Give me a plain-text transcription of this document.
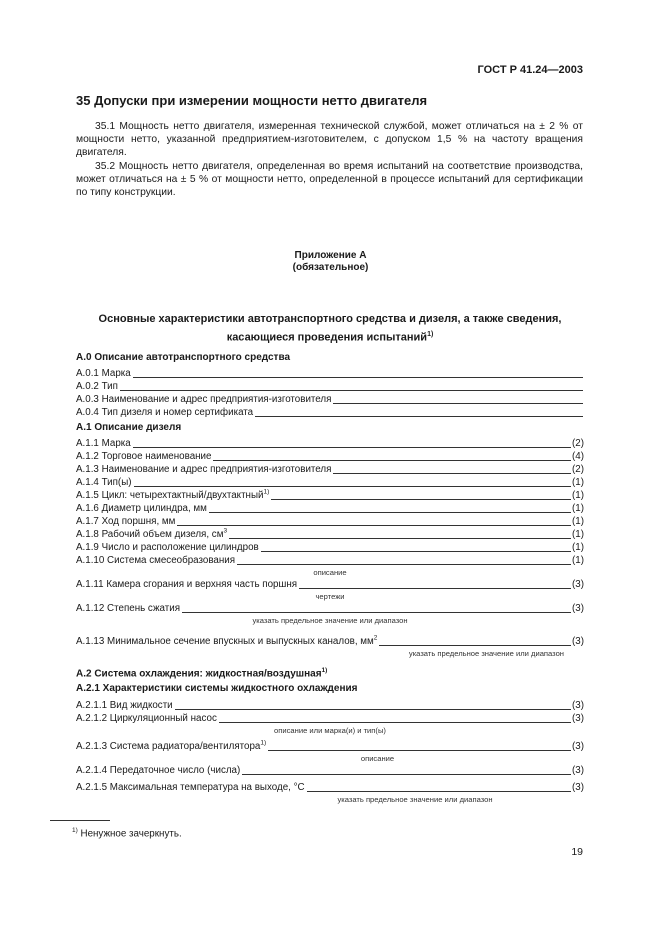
ГОСТ Р 41.24—2003
35 Допуски при измерении мощности нетто двигателя

35.1 Мощность нетто двигателя, измеренная технической службой, может отличаться на ± 2 % от мощности нетто, указанной предприятием-изготовителем, с допуском 1,5 % на частоту вращения двигателя.

35.2 Мощность нетто двигателя, определенная во время испытаний на соответствие производства, может отличаться на ± 5 % от мощности нетто, определенной в процессе испытаний для сертификации по типу конструкции.

Приложение А
(обязательное)
Основные характеристики автотранспортного средства и дизеля, а также сведения,
касающиеся проведения испытаний$^{1)}$
А.0 Описание автотранспортного средства
А.0.1 Марка
А.0.2 Тип
А.0.3 Наименование и адрес предприятия-изготовителя
А.0.4 Тип дизеля и номер сертификата
А.1 Описание дизеля
А.1.1 Марка	(2)
А.1.2 Торговое наименование	(4)
А.1.3 Наименование и адрес предприятия-изготовителя	(2)
А.1.4 Тип(ы)	(1)
А.1.5 Цикл: четырехтактный/двухтактный$^{1)}$	(1)
А.1.6 Диаметр цилиндра, мм	(1)
А.1.7 Ход поршня, мм	(1)
А.1.8 Рабочий объем дизеля, $см^3$	(1)
А.1.9 Число и расположение цилиндров	(1)
А.1.10 Система смесеобразования	(1)
описание
А.1.11 Камера сгорания и верхняя часть поршня	(3)
чертежи
А.1.12 Степень сжатия	(3)
указать предельное значение или диапазон
А.1.13 Минимальное сечение впускных и выпускных каналов, $мм^2$	(3)
указать предельное значение или диапазон
А.2 Система охлаждения: жидкостная/воздушная$^{1)}$
А.2.1 Характеристики системы жидкостного охлаждения
А.2.1.1 Вид жидкости	(3)
А.2.1.2 Циркуляционный насос	(3)
описание или марка(и) и тип(ы)
А.2.1.3 Система радиатора/вентилятора$^{1)}$	(3)
описание
А.2.1.4 Передаточное число (числа)	(3)
А.2.1.5 Максимальная температура на выходе, °С	(3)
указать предельное значение или диапазон
$^{1)}$ Ненужное зачеркнуть.
19
